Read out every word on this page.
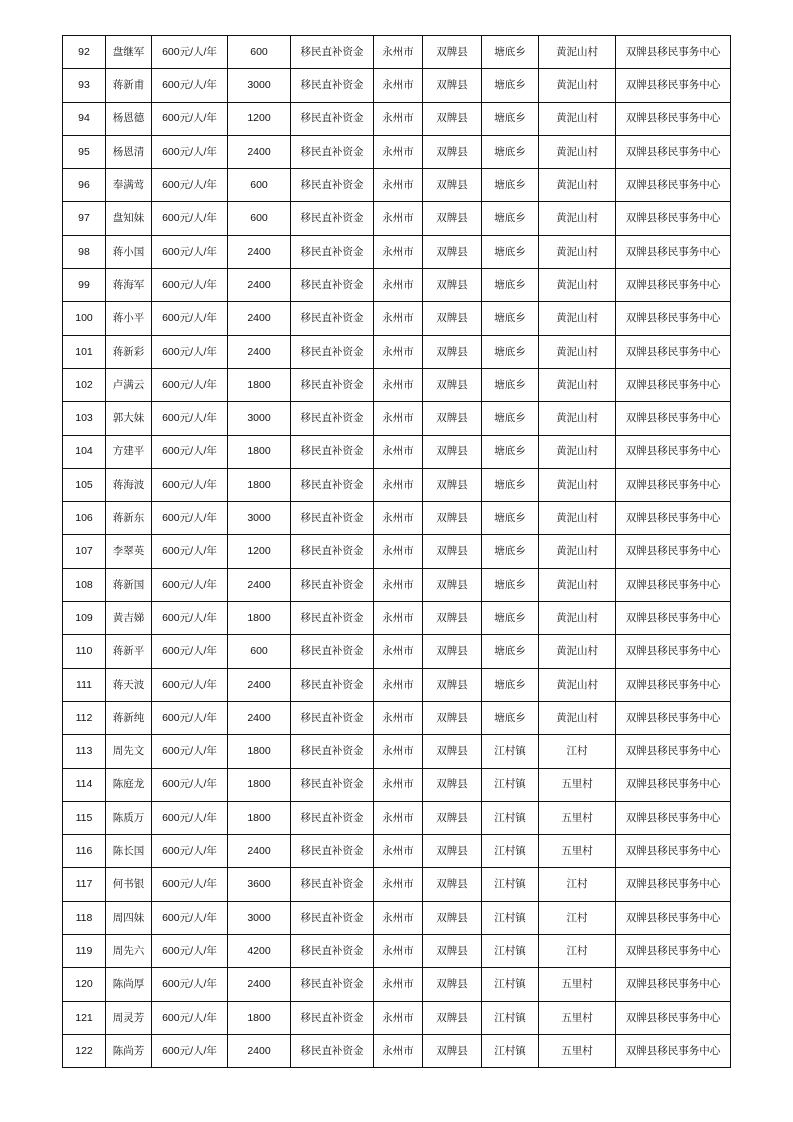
92	盘继军	600元/人/年	600	移民直补资金	永州市	双牌县	塘底乡	黄泥山村	双牌县移民事务中心
93	蒋新甫	600元/人/年	3000	移民直补资金	永州市	双牌县	塘底乡	黄泥山村	双牌县移民事务中心
94	杨恩德	600元/人/年	1200	移民直补资金	永州市	双牌县	塘底乡	黄泥山村	双牌县移民事务中心
95	杨恩清	600元/人/年	2400	移民直补资金	永州市	双牌县	塘底乡	黄泥山村	双牌县移民事务中心
96	奉满莺	600元/人/年	600	移民直补资金	永州市	双牌县	塘底乡	黄泥山村	双牌县移民事务中心
97	盘知妹	600元/人/年	600	移民直补资金	永州市	双牌县	塘底乡	黄泥山村	双牌县移民事务中心
98	蒋小国	600元/人/年	2400	移民直补资金	永州市	双牌县	塘底乡	黄泥山村	双牌县移民事务中心
99	蒋海军	600元/人/年	2400	移民直补资金	永州市	双牌县	塘底乡	黄泥山村	双牌县移民事务中心
100	蒋小平	600元/人/年	2400	移民直补资金	永州市	双牌县	塘底乡	黄泥山村	双牌县移民事务中心
101	蒋新彩	600元/人/年	2400	移民直补资金	永州市	双牌县	塘底乡	黄泥山村	双牌县移民事务中心
102	卢满云	600元/人/年	1800	移民直补资金	永州市	双牌县	塘底乡	黄泥山村	双牌县移民事务中心
103	郭大妹	600元/人/年	3000	移民直补资金	永州市	双牌县	塘底乡	黄泥山村	双牌县移民事务中心
104	方建平	600元/人/年	1800	移民直补资金	永州市	双牌县	塘底乡	黄泥山村	双牌县移民事务中心
105	蒋海波	600元/人/年	1800	移民直补资金	永州市	双牌县	塘底乡	黄泥山村	双牌县移民事务中心
106	蒋新东	600元/人/年	3000	移民直补资金	永州市	双牌县	塘底乡	黄泥山村	双牌县移民事务中心
107	李翠英	600元/人/年	1200	移民直补资金	永州市	双牌县	塘底乡	黄泥山村	双牌县移民事务中心
108	蒋新国	600元/人/年	2400	移民直补资金	永州市	双牌县	塘底乡	黄泥山村	双牌县移民事务中心
109	黄吉娣	600元/人/年	1800	移民直补资金	永州市	双牌县	塘底乡	黄泥山村	双牌县移民事务中心
110	蒋新平	600元/人/年	600	移民直补资金	永州市	双牌县	塘底乡	黄泥山村	双牌县移民事务中心
111	蒋天波	600元/人/年	2400	移民直补资金	永州市	双牌县	塘底乡	黄泥山村	双牌县移民事务中心
112	蒋新纯	600元/人/年	2400	移民直补资金	永州市	双牌县	塘底乡	黄泥山村	双牌县移民事务中心
113	周先文	600元/人/年	1800	移民直补资金	永州市	双牌县	江村镇	江村	双牌县移民事务中心
114	陈庭龙	600元/人/年	1800	移民直补资金	永州市	双牌县	江村镇	五里村	双牌县移民事务中心
115	陈质万	600元/人/年	1800	移民直补资金	永州市	双牌县	江村镇	五里村	双牌县移民事务中心
116	陈长国	600元/人/年	2400	移民直补资金	永州市	双牌县	江村镇	五里村	双牌县移民事务中心
117	何书银	600元/人/年	3600	移民直补资金	永州市	双牌县	江村镇	江村	双牌县移民事务中心
118	周四妹	600元/人/年	3000	移民直补资金	永州市	双牌县	江村镇	江村	双牌县移民事务中心
119	周先六	600元/人/年	4200	移民直补资金	永州市	双牌县	江村镇	江村	双牌县移民事务中心
120	陈尚厚	600元/人/年	2400	移民直补资金	永州市	双牌县	江村镇	五里村	双牌县移民事务中心
121	周灵芳	600元/人/年	1800	移民直补资金	永州市	双牌县	江村镇	五里村	双牌县移民事务中心
122	陈尚芳	600元/人/年	2400	移民直补资金	永州市	双牌县	江村镇	五里村	双牌县移民事务中心
